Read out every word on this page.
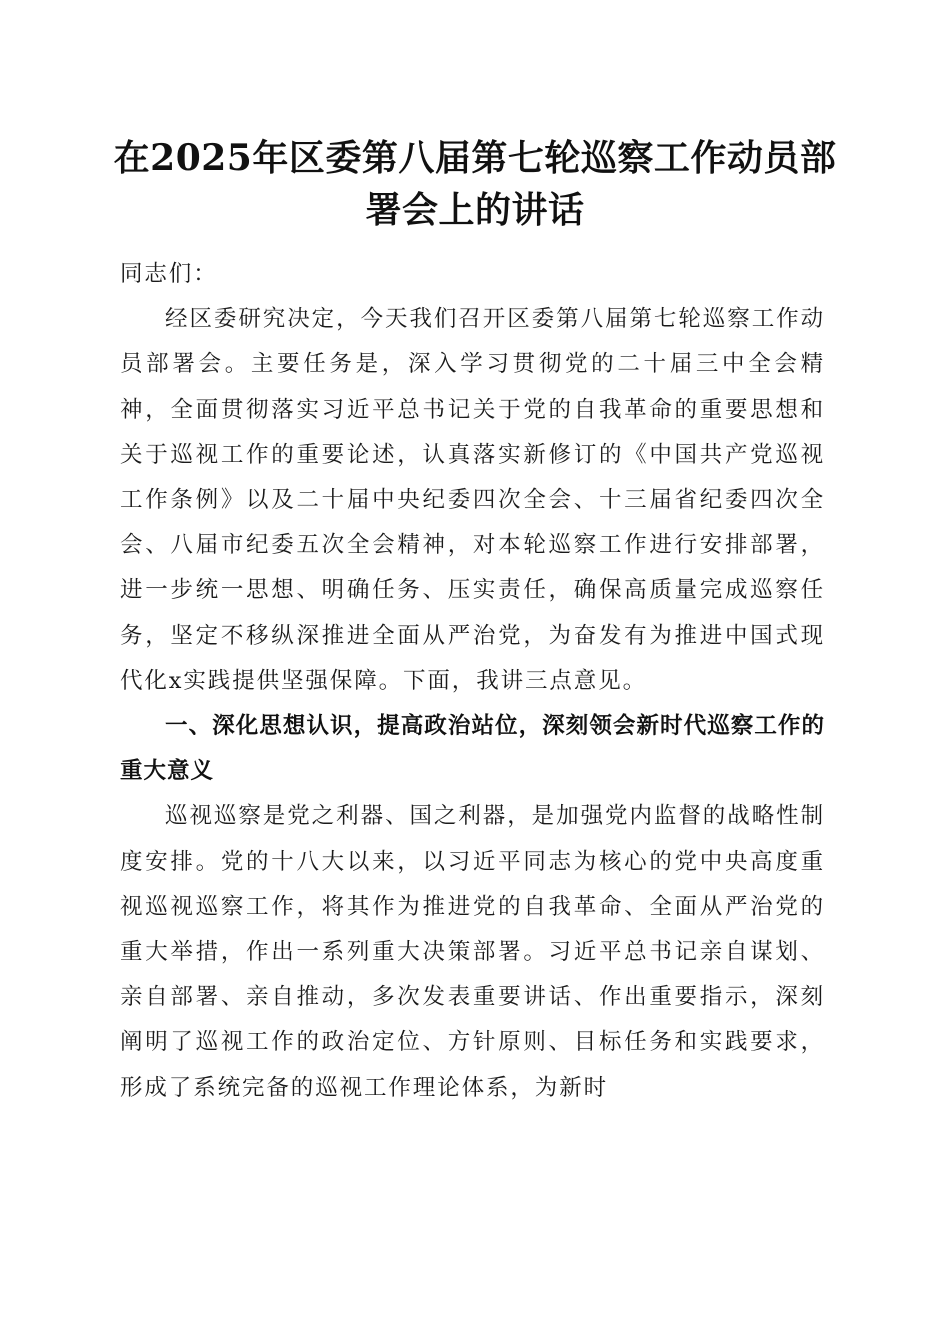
在2025年区委第八届第七轮巡察工作动员部署会上的讲话

同志们：

经区委研究决定，今天我们召开区委第八届第七轮巡察工作动员部署会。主要任务是，深入学习贯彻党的二十届三中全会精神，全面贯彻落实习近平总书记关于党的自我革命的重要思想和关于巡视工作的重要论述，认真落实新修订的《中国共产党巡视工作条例》以及二十届中央纪委四次全会、十三届省纪委四次全会、八届市纪委五次全会精神，对本轮巡察工作进行安排部署，进一步统一思想、明确任务、压实责任，确保高质量完成巡察任务，坚定不移纵深推进全面从严治党，为奋发有为推进中国式现代化x实践提供坚强保障。下面，我讲三点意见。

一、深化思想认识，提高政治站位，深刻领会新时代巡察工作的重大意义

巡视巡察是党之利器、国之利器，是加强党内监督的战略性制度安排。党的十八大以来，以习近平同志为核心的党中央高度重视巡视巡察工作，将其作为推进党的自我革命、全面从严治党的重大举措，作出一系列重大决策部署。习近平总书记亲自谋划、亲自部署、亲自推动，多次发表重要讲话、作出重要指示，深刻阐明了巡视工作的政治定位、方针原则、目标任务和实践要求，形成了系统完备的巡视工作理论体系，为新时
